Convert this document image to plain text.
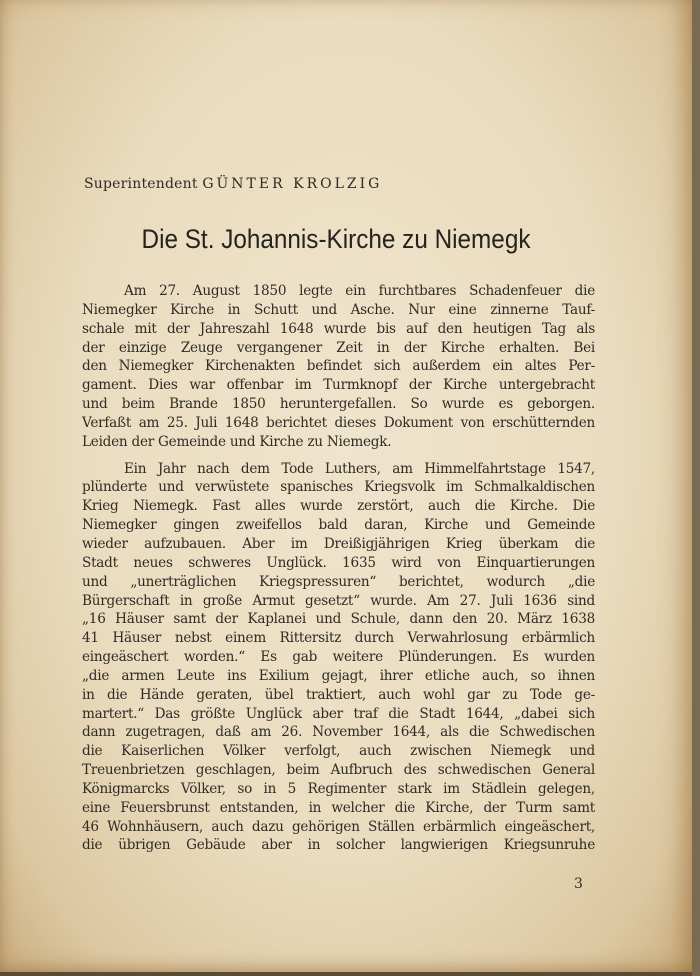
Superintendent GÜNTER KROLZIG
Die St. Johannis-Kirche zu Niemegk
Am 27. August 1850 legte ein furchtbares Schadenfeuer die
Niemegker Kirche in Schutt und Asche. Nur eine zinnerne Tauf-
schale mit der Jahreszahl 1648 wurde bis auf den heutigen Tag als
der einzige Zeuge vergangener Zeit in der Kirche erhalten. Bei
den Niemegker Kirchenakten befindet sich außerdem ein altes Per-
gament. Dies war offenbar im Turmknopf der Kirche untergebracht
und beim Brande 1850 heruntergefallen. So wurde es geborgen.
Verfaßt am 25. Juli 1648 berichtet dieses Dokument von erschütternden
Leiden der Gemeinde und Kirche zu Niemegk.
Ein Jahr nach dem Tode Luthers, am Himmelfahrtstage 1547,
plünderte und verwüstete spanisches Kriegsvolk im Schmalkaldischen
Krieg Niemegk. Fast alles wurde zerstört, auch die Kirche. Die
Niemegker gingen zweifellos bald daran, Kirche und Gemeinde
wieder aufzubauen. Aber im Dreißigjährigen Krieg überkam die
Stadt neues schweres Unglück. 1635 wird von Einquartierungen
und „unerträglichen Kriegspressuren“ berichtet, wodurch „die
Bürgerschaft in große Armut gesetzt“ wurde. Am 27. Juli 1636 sind
„16 Häuser samt der Kaplanei und Schule, dann den 20. März 1638
41 Häuser nebst einem Rittersitz durch Verwahrlosung erbärmlich
eingeäschert worden.“ Es gab weitere Plünderungen. Es wurden
„die armen Leute ins Exilium gejagt, ihrer etliche auch, so ihnen
in die Hände geraten, übel traktiert, auch wohl gar zu Tode ge-
martert.“ Das größte Unglück aber traf die Stadt 1644, „dabei sich
dann zugetragen, daß am 26. November 1644, als die Schwedischen
die Kaiserlichen Völker verfolgt, auch zwischen Niemegk und
Treuenbrietzen geschlagen, beim Aufbruch des schwedischen General
Königmarcks Völker, so in 5 Regimenter stark im Städlein gelegen,
eine Feuersbrunst entstanden, in welcher die Kirche, der Turm samt
46 Wohnhäusern, auch dazu gehörigen Ställen erbärmlich eingeäschert,
die übrigen Gebäude aber in solcher langwierigen Kriegsunruhe
3
